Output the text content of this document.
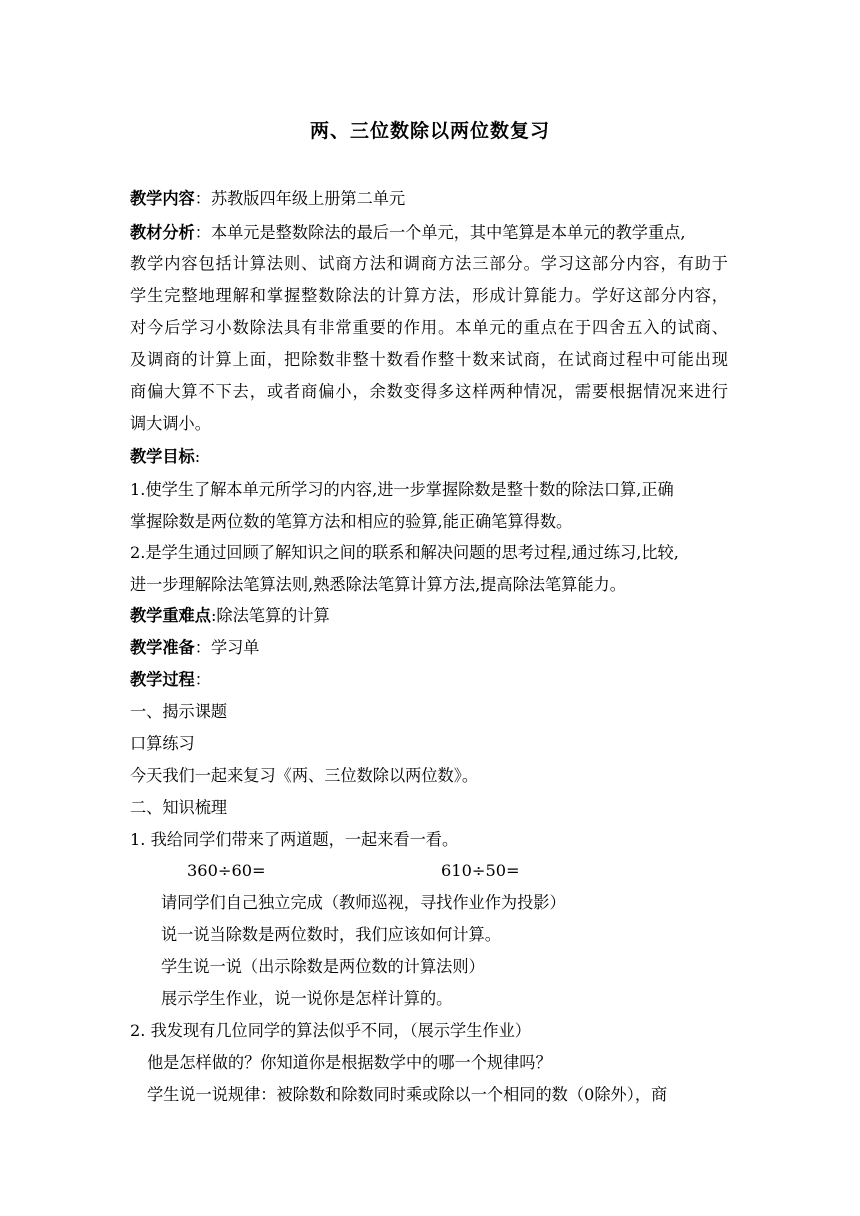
两、三位数除以两位数复习
教学内容：苏教版四年级上册第二单元
教材分析：本单元是整数除法的最后一个单元，其中笔算是本单元的教学重点,
教学内容包括计算法则、试商方法和调商方法三部分。学习这部分内容，有助于
学生完整地理解和掌握整数除法的计算方法，形成计算能力。学好这部分内容，
对今后学习小数除法具有非常重要的作用。本单元的重点在于四舍五入的试商、
及调商的计算上面，把除数非整十数看作整十数来试商，在试商过程中可能出现
商偏大算不下去，或者商偏小，余数变得多这样两种情况，需要根据情况来进行
调大调小。
教学目标:
1.使学生了解本单元所学习的内容,进一步掌握除数是整十数的除法口算,正确
掌握除数是两位数的笔算方法和相应的验算,能正确笔算得数。
2.是学生通过回顾了解知识之间的联系和解决问题的思考过程,通过练习,比较,
进一步理解除法笔算法则,熟悉除法笔算计算方法,提高除法笔算能力。
教学重难点:除法笔算的计算
教学准备：学习单
教学过程：
一、揭示课题
口算练习
今天我们一起来复习《两、三位数除以两位数》。
二、知识梳理
1. 我给同学们带来了两道题，一起来看一看。
360÷60=	610÷50=
请同学们自己独立完成（教师巡视，寻找作业作为投影）
说一说当除数是两位数时，我们应该如何计算。
学生说一说（出示除数是两位数的计算法则）
展示学生作业，说一说你是怎样计算的。
2. 我发现有几位同学的算法似乎不同，（展示学生作业）
他是怎样做的？你知道你是根据数学中的哪一个规律吗？
学生说一说规律：被除数和除数同时乘或除以一个相同的数（0除外），商
